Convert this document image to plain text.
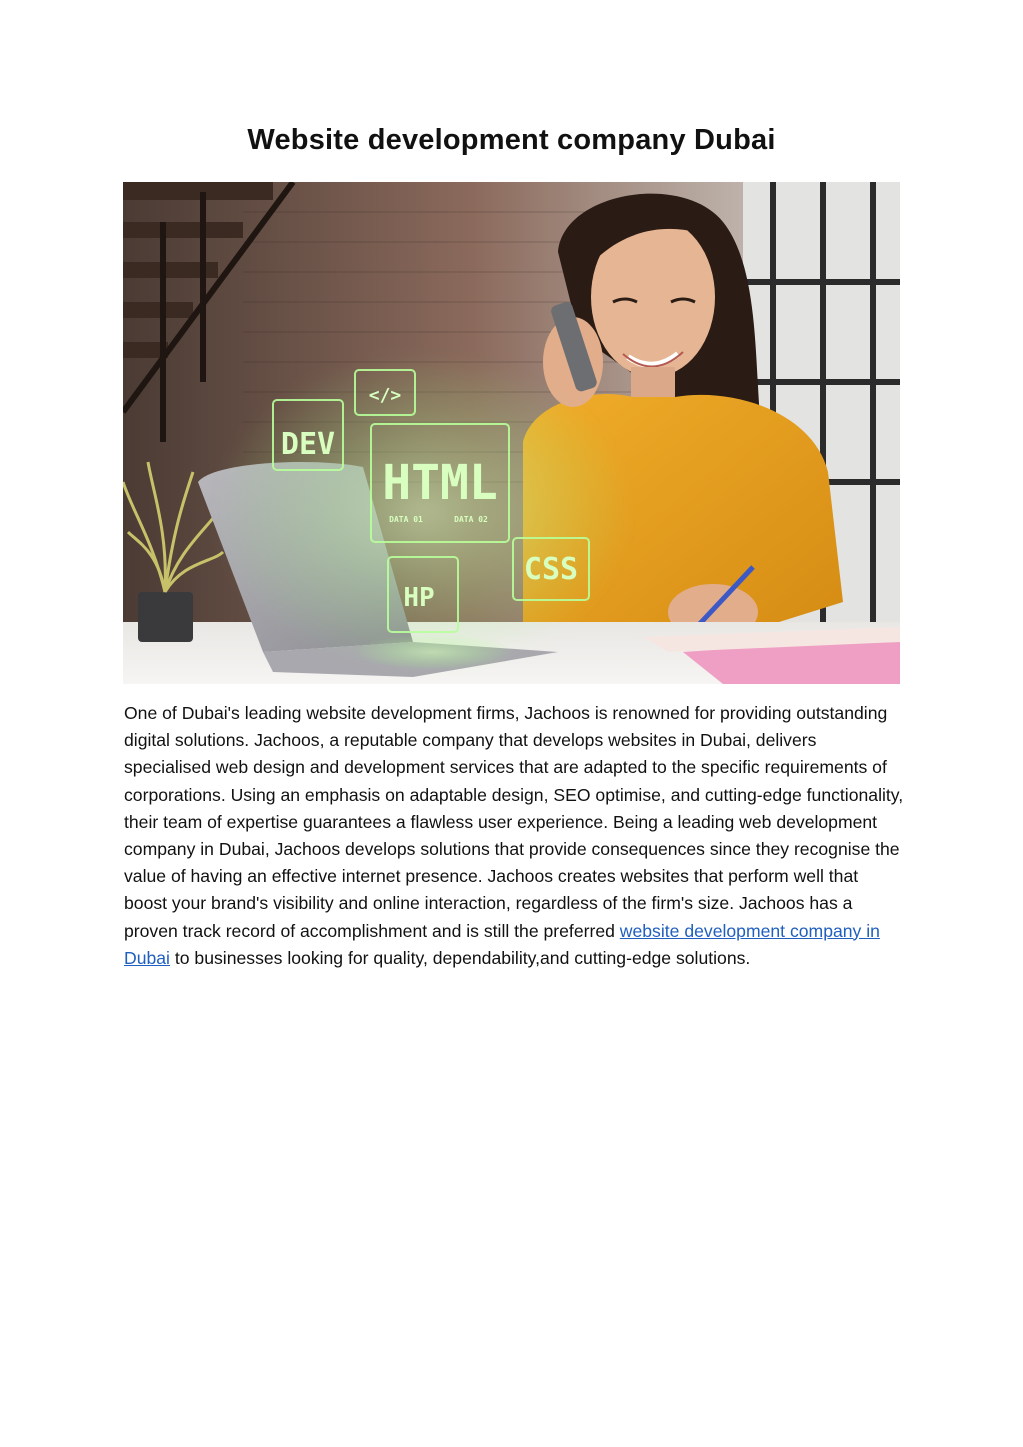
Website development company Dubai
</>
DEV
HTML
CSS
HP
DATA 01	DATA 02

One of Dubai's leading website development firms, Jachoos is renowned for providing outstanding digital solutions. Jachoos, a reputable company that develops websites in Dubai, delivers specialised web design and development services that are adapted to the specific requirements of corporations. Using an emphasis on adaptable design, SEO optimise, and cutting-edge functionality, their team of expertise guarantees a flawless user experience. Being a leading web development company in Dubai, Jachoos develops solutions that provide consequences since they recognise the value of having an effective internet presence. Jachoos creates websites that perform well that boost your brand's visibility and online interaction, regardless of the firm's size. Jachoos has a proven track record of accomplishment and is still the preferred website development company in Dubai to businesses looking for quality, dependability,and cutting-edge solutions.
